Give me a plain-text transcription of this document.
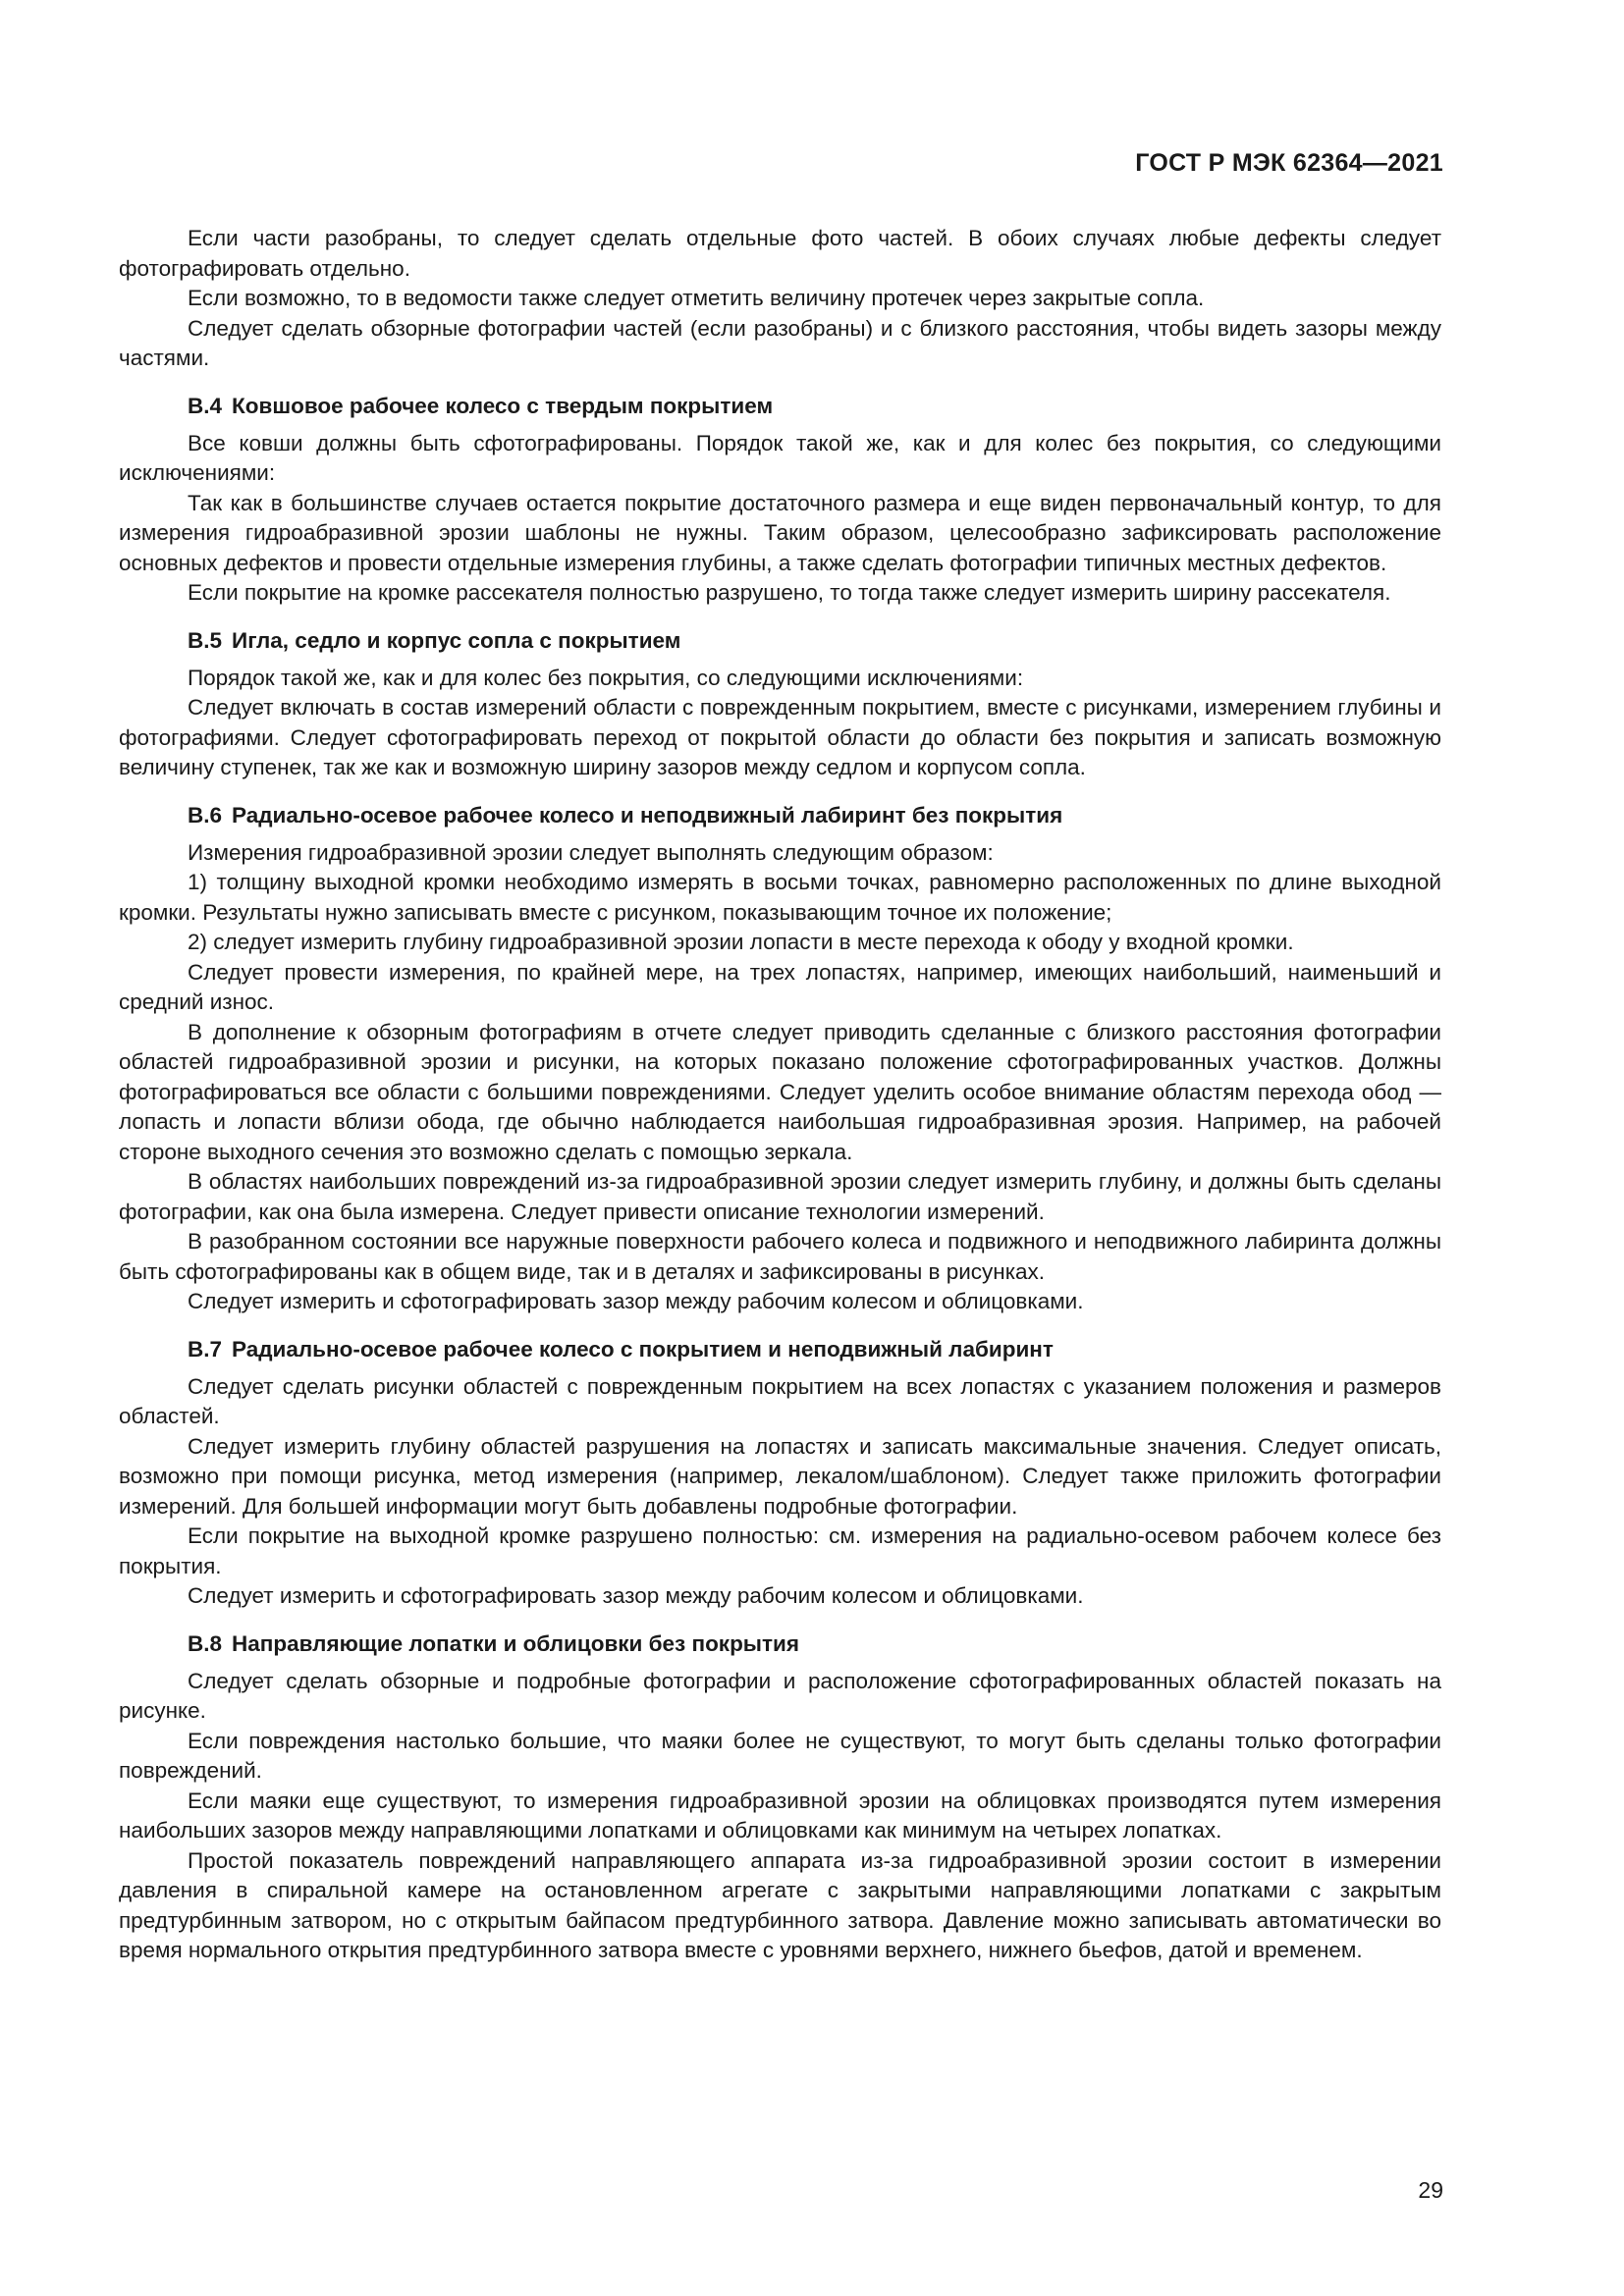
ГОСТ Р МЭК 62364—2021

Если части разобраны, то следует сделать отдельные фото частей. В обоих случаях любые дефекты следует фотографировать отдельно.

Если возможно, то в ведомости также следует отметить величину протечек через закрытые сопла.

Следует сделать обзорные фотографии частей (если разобраны) и с близкого расстояния, чтобы видеть зазоры между частями.

В.4 Ковшовое рабочее колесо с твердым покрытием

Все ковши должны быть сфотографированы. Порядок такой же, как и для колес без покрытия, со следующими исключениями:

Так как в большинстве случаев остается покрытие достаточного размера и еще виден первоначальный контур, то для измерения гидроабразивной эрозии шаблоны не нужны. Таким образом, целесообразно зафиксировать расположение основных дефектов и провести отдельные измерения глубины, а также сделать фотографии типичных местных дефектов.

Если покрытие на кромке рассекателя полностью разрушено, то тогда также следует измерить ширину рассекателя.

В.5 Игла, седло и корпус сопла с покрытием

Порядок такой же, как и для колес без покрытия, со следующими исключениями:

Следует включать в состав измерений области с поврежденным покрытием, вместе с рисунками, измерением глубины и фотографиями. Следует сфотографировать переход от покрытой области до области без покрытия и записать возможную величину ступенек, так же как и возможную ширину зазоров между седлом и корпусом сопла.

В.6 Радиально-осевое рабочее колесо и неподвижный лабиринт без покрытия

Измерения гидроабразивной эрозии следует выполнять следующим образом:

1) толщину выходной кромки необходимо измерять в восьми точках, равномерно расположенных по длине выходной кромки. Результаты нужно записывать вместе с рисунком, показывающим точное их положение;

2) следует измерить глубину гидроабразивной эрозии лопасти в месте перехода к ободу у входной кромки.

Следует провести измерения, по крайней мере, на трех лопастях, например, имеющих наибольший, наименьший и средний износ.

В дополнение к обзорным фотографиям в отчете следует приводить сделанные с близкого расстояния фотографии областей гидроабразивной эрозии и рисунки, на которых показано положение сфотографированных участков. Должны фотографироваться все области с большими повреждениями. Следует уделить особое внимание областям перехода обод — лопасть и лопасти вблизи обода, где обычно наблюдается наибольшая гидроабразивная эрозия. Например, на рабочей стороне выходного сечения это возможно сделать с помощью зеркала.

В областях наибольших повреждений из-за гидроабразивной эрозии следует измерить глубину, и должны быть сделаны фотографии, как она была измерена. Следует привести описание технологии измерений.

В разобранном состоянии все наружные поверхности рабочего колеса и подвижного и неподвижного лабиринта должны быть сфотографированы как в общем виде, так и в деталях и зафиксированы в рисунках.

Следует измерить и сфотографировать зазор между рабочим колесом и облицовками.

В.7 Радиально-осевое рабочее колесо с покрытием и неподвижный лабиринт

Следует сделать рисунки областей с поврежденным покрытием на всех лопастях с указанием положения и размеров областей.

Следует измерить глубину областей разрушения на лопастях и записать максимальные значения. Следует описать, возможно при помощи рисунка, метод измерения (например, лекалом/шаблоном). Следует также приложить фотографии измерений. Для большей информации могут быть добавлены подробные фотографии.

Если покрытие на выходной кромке разрушено полностью: см. измерения на радиально-осевом рабочем колесе без покрытия.

Следует измерить и сфотографировать зазор между рабочим колесом и облицовками.

В.8 Направляющие лопатки и облицовки без покрытия

Следует сделать обзорные и подробные фотографии и расположение сфотографированных областей показать на рисунке.

Если повреждения настолько большие, что маяки более не существуют, то могут быть сделаны только фотографии повреждений.

Если маяки еще существуют, то измерения гидроабразивной эрозии на облицовках производятся путем измерения наибольших зазоров между направляющими лопатками и облицовками как минимум на четырех лопатках.

Простой показатель повреждений направляющего аппарата из-за гидроабразивной эрозии состоит в измерении давления в спиральной камере на остановленном агрегате с закрытыми направляющими лопатками с закрытым предтурбинным затвором, но с открытым байпасом предтурбинного затвора. Давление можно записывать автоматически во время нормального открытия предтурбинного затвора вместе с уровнями верхнего, нижнего бьефов, датой и временем.

29
